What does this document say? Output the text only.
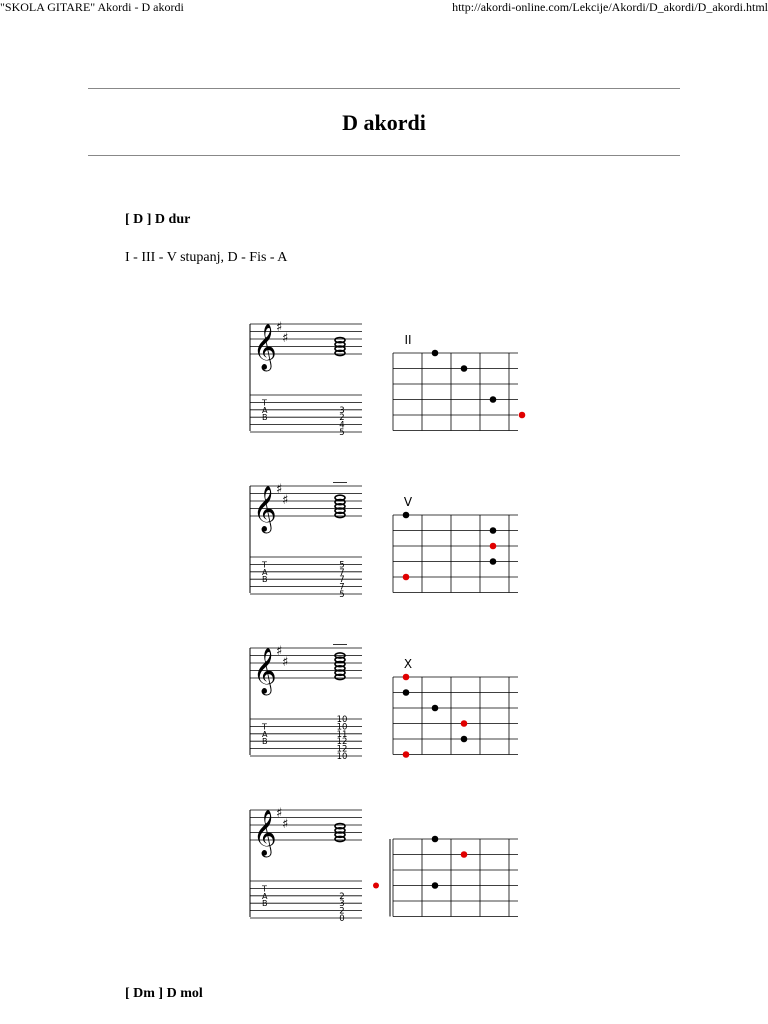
"SKOLA GITARE" Akordi - D akordi	http://akordi-online.com/Lekcije/Akordi/D_akordi/D_akordi.html
D akordi
[ D ] D dur
I - III - V stupanj, D - Fis - A
𝄞 ♯
♯
T
A
B
3
2
4
5
II
𝄞 ♯
♯
T
A
B
5
7
7
7
5
V
𝄞 ♯
♯
T
A
B
10
10
11
12
12
10
X
𝄞 ♯
♯
T
A
B
2
3
2
0
[ Dm ] D mol
